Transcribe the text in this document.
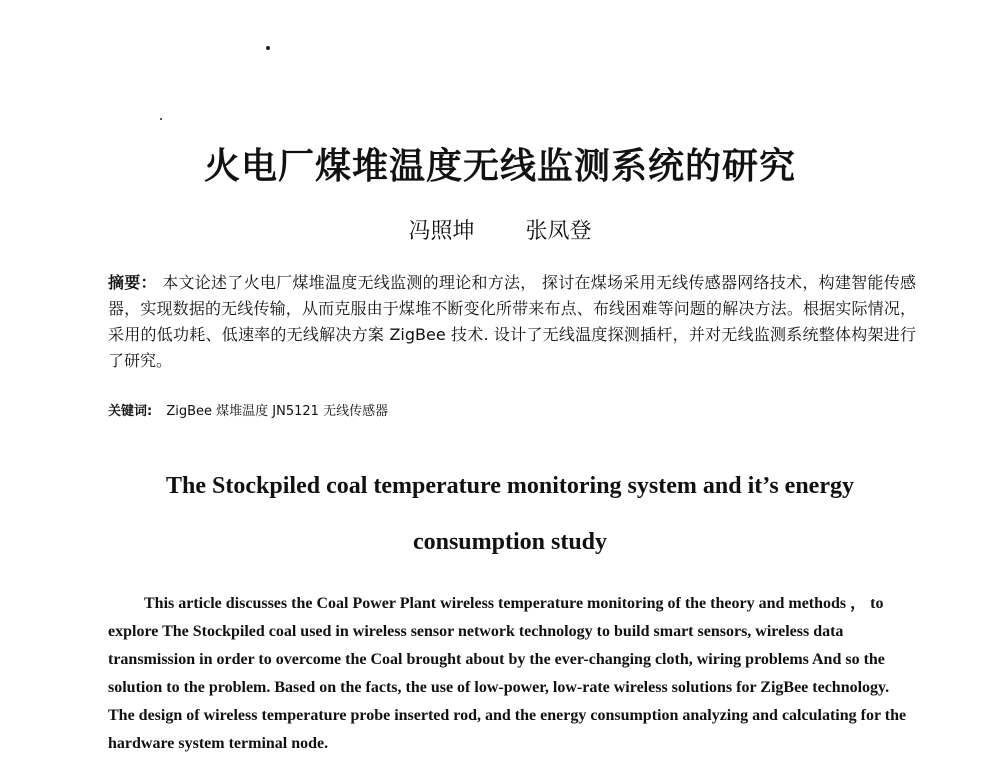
火电厂煤堆温度无线监测系统的研究
冯照坤 张凤登
摘要： 本文论述了火电厂煤堆温度无线监测的理论和方法， 探讨在煤场采用无线传感器网络技术，构建智能传感器，实现数据的无线传输，从而克服由于煤堆不断变化所带来布点、布线困难等问题的解决方法。根据实际情况，采用的低功耗、低速率的无线解决方案 ZigBee 技术. 设计了无线温度探测插杆，并对无线监测系统整体构架进行了研究。
关键词: ZigBee 煤堆温度 JN5121 无线传感器
The Stockpiled coal temperature monitoring system and it’s energy
consumption study
This article discusses the Coal Power Plant wireless temperature monitoring of the theory and methods ， to explore The Stockpiled coal used in wireless sensor network technology to build smart sensors, wireless data transmission in order to overcome the Coal brought about by the ever-changing cloth, wiring problems And so the solution to the problem. Based on the facts, the use of low-power, low-rate wireless solutions for ZigBee technology. The design of wireless temperature probe inserted rod, and the energy consumption analyzing and calculating for the hardware system terminal node.
